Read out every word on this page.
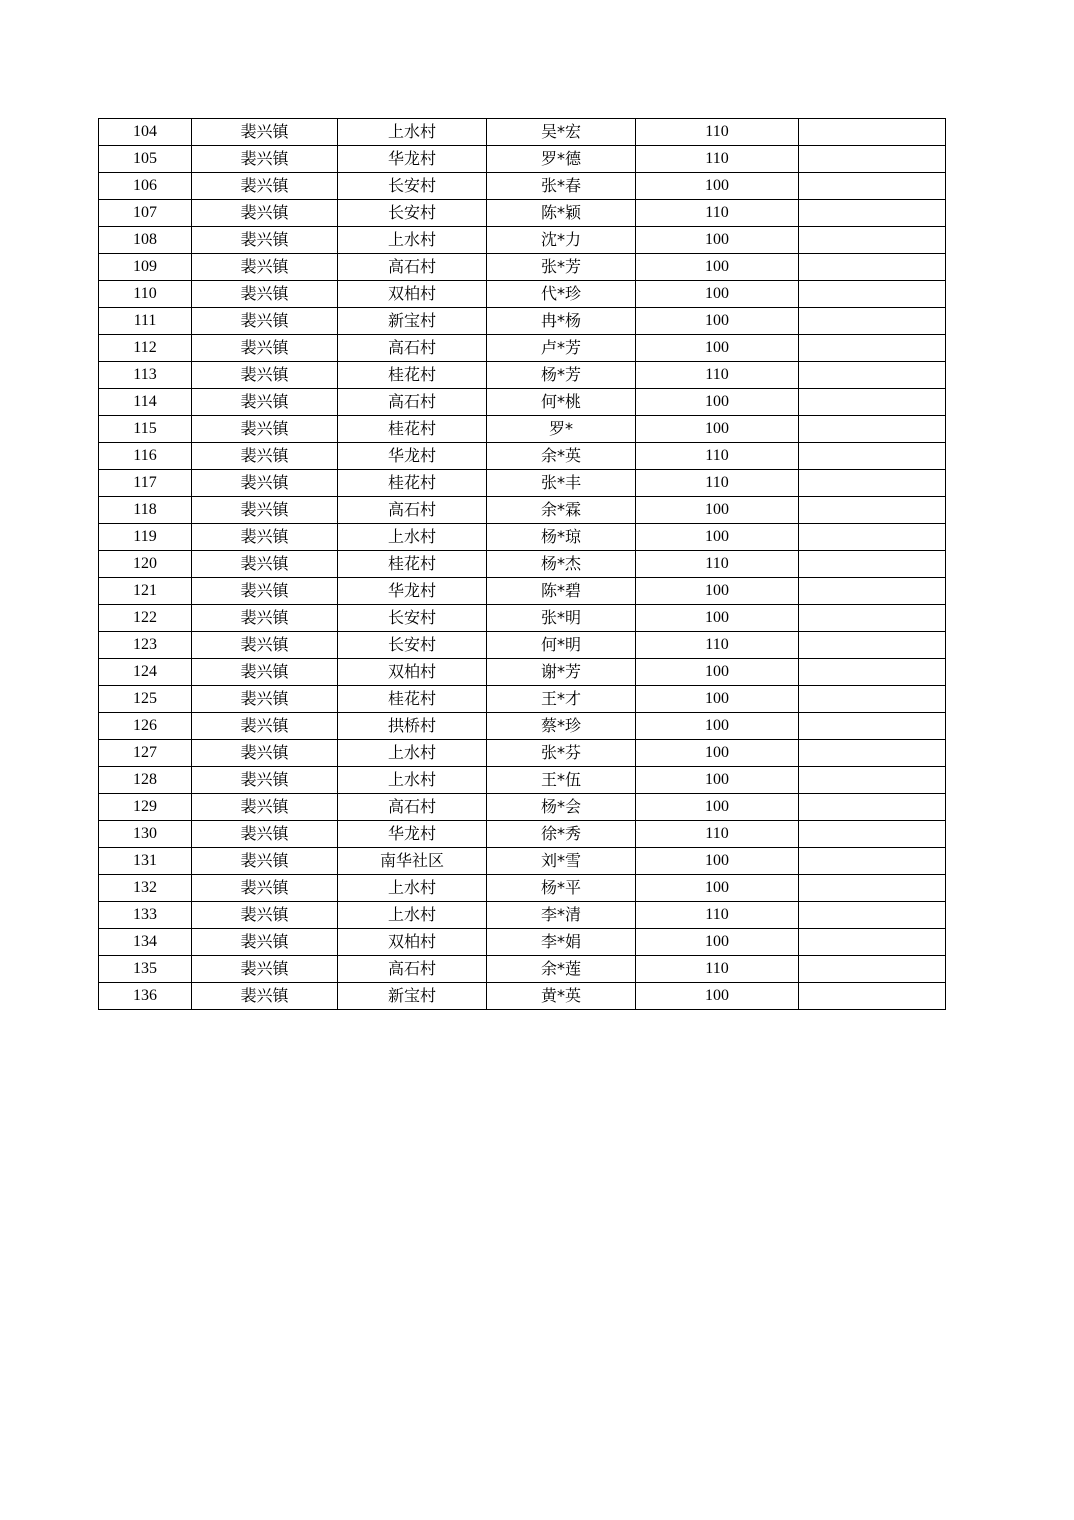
104	裴兴镇	上水村	吴*宏	110	
105	裴兴镇	华龙村	罗*德	110	
106	裴兴镇	长安村	张*春	100	
107	裴兴镇	长安村	陈*颖	110	
108	裴兴镇	上水村	沈*力	100	
109	裴兴镇	高石村	张*芳	100	
110	裴兴镇	双柏村	代*珍	100	
111	裴兴镇	新宝村	冉*杨	100	
112	裴兴镇	高石村	卢*芳	100	
113	裴兴镇	桂花村	杨*芳	110	
114	裴兴镇	高石村	何*桃	100	
115	裴兴镇	桂花村	罗*	100	
116	裴兴镇	华龙村	余*英	110	
117	裴兴镇	桂花村	张*丰	110	
118	裴兴镇	高石村	余*霖	100	
119	裴兴镇	上水村	杨*琼	100	
120	裴兴镇	桂花村	杨*杰	110	
121	裴兴镇	华龙村	陈*碧	100	
122	裴兴镇	长安村	张*明	100	
123	裴兴镇	长安村	何*明	110	
124	裴兴镇	双柏村	谢*芳	100	
125	裴兴镇	桂花村	王*才	100	
126	裴兴镇	拱桥村	蔡*珍	100	
127	裴兴镇	上水村	张*芬	100	
128	裴兴镇	上水村	王*伍	100	
129	裴兴镇	高石村	杨*会	100	
130	裴兴镇	华龙村	徐*秀	110	
131	裴兴镇	南华社区	刘*雪	100	
132	裴兴镇	上水村	杨*平	100	
133	裴兴镇	上水村	李*清	110	
134	裴兴镇	双柏村	李*娟	100	
135	裴兴镇	高石村	余*莲	110	
136	裴兴镇	新宝村	黄*英	100	
